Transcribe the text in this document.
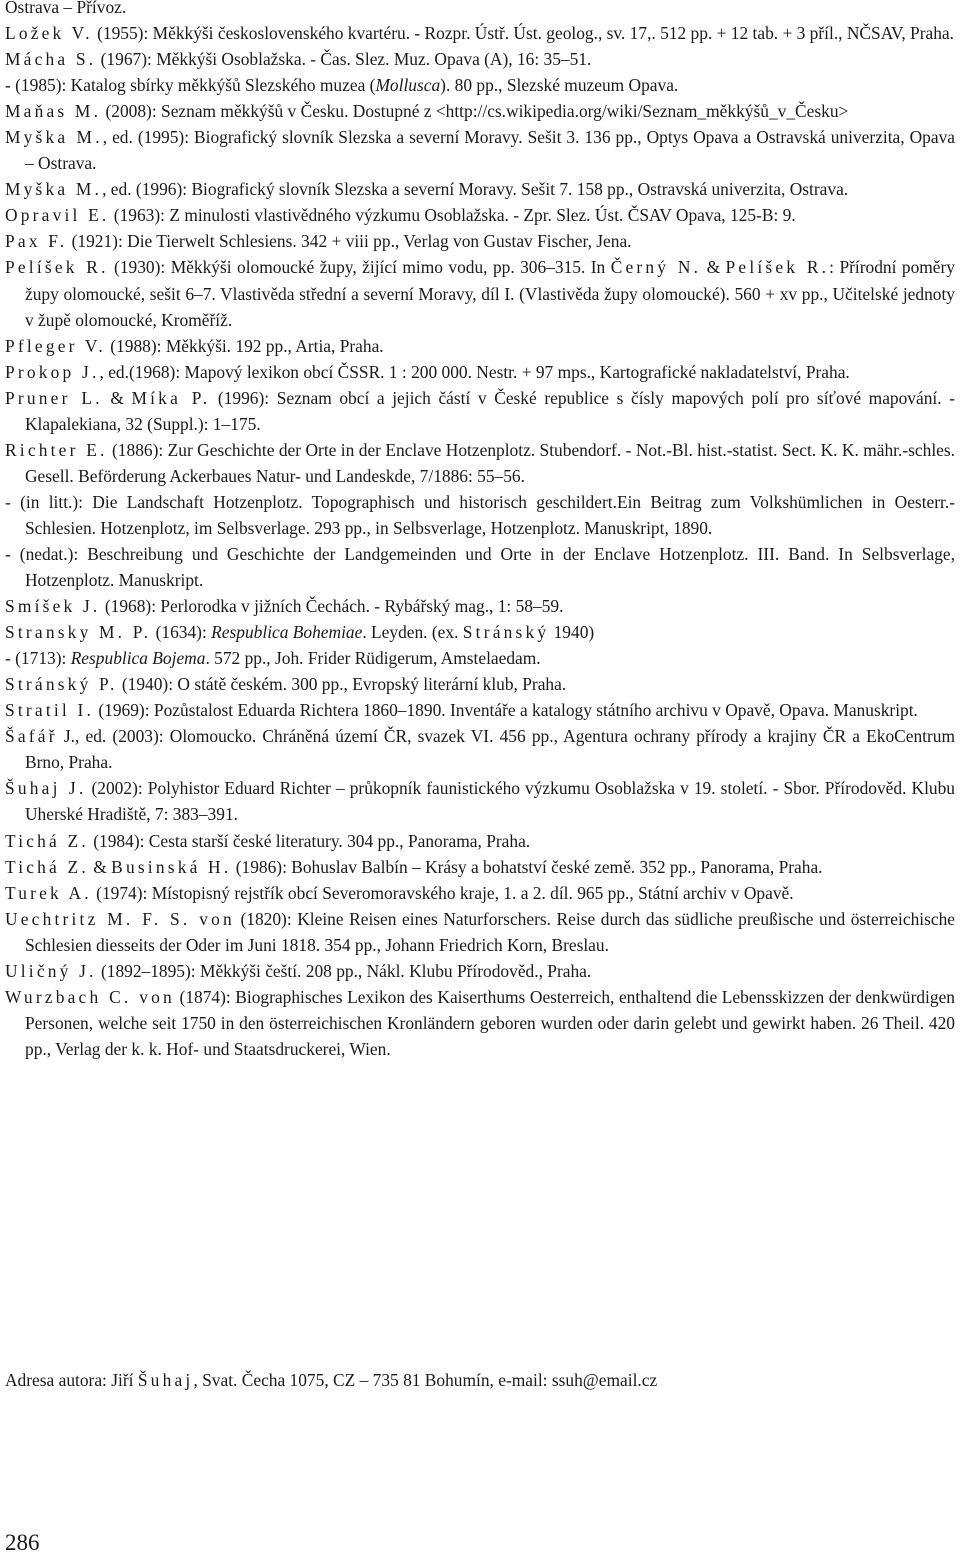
Ostrava – Přívoz.

Ložek V. (1955): Měkkýši československého kvartéru. - Rozpr. Ústř. Úst. geolog., sv. 17,. 512 pp. + 12 tab. + 3 příl., NČSAV, Praha.

Mácha S. (1967): Měkkýši Osoblažska. - Čas. Slez. Muz. Opava (A), 16: 35–51.

- (1985): Katalog sbírky měkkýšů Slezského muzea (Mollusca). 80 pp., Slezské muzeum Opava.

Maňas M. (2008): Seznam měkkýšů v Česku. Dostupné z <http://cs.wikipedia.org/wiki/Seznam_měkkýšů_v_Česku>

Myška M., ed. (1995): Biografický slovník Slezska a severní Moravy. Sešit 3. 136 pp., Optys Opava a Ostravská univerzita, Opava – Ostrava.

Myška M., ed. (1996): Biografický slovník Slezska a severní Moravy. Sešit 7. 158 pp., Ostravská univerzita, Ostrava.

Opravil E. (1963): Z minulosti vlastivědného výzkumu Osoblažska. - Zpr. Slez. Úst. ČSAV Opava, 125-B: 9.

Pax F. (1921): Die Tierwelt Schlesiens. 342 + viii pp., Verlag von Gustav Fischer, Jena.

Pelíšek R. (1930): Měkkýši olomoucké župy, žijící mimo vodu, pp. 306–315. In Černý N. & Pelíšek R.: Přírodní poměry župy olomoucké, sešit 6–7. Vlastivěda střední a severní Moravy, díl I. (Vlastivěda župy olomoucké). 560 + xv pp., Učitelské jednoty v župě olomoucké, Kroměříž.

Pfleger V. (1988): Měkkýši. 192 pp., Artia, Praha.

Prokop J., ed.(1968): Mapový lexikon obcí ČSSR. 1 : 200 000. Nestr. + 97 mps., Kartografické nakladatelství, Praha.

Pruner L. & Míka P. (1996): Seznam obcí a jejich částí v České republice s čísly mapových polí pro síťové mapování. - Klapalekiana, 32 (Suppl.): 1–175.

Richter E. (1886): Zur Geschichte der Orte in der Enclave Hotzenplotz. Stubendorf. - Not.-Bl. hist.-statist. Sect. K. K. mähr.-schles. Gesell. Beförderung Ackerbaues Natur- und Landeskde, 7/1886: 55–56.

- (in litt.): Die Landschaft Hotzenplotz. Topographisch und historisch geschildert.Ein Beitrag zum Volkshümlichen in Oesterr.-Schlesien. Hotzenplotz, im Selbsverlage. 293 pp., in Selbsverlage, Hotzenplotz. Manuskript, 1890.

- (nedat.): Beschreibung und Geschichte der Landgemeinden und Orte in der Enclave Hotzenplotz. III. Band. In Selbsverlage, Hotzenplotz. Manuskript.

Smíšek J. (1968): Perlorodka v jižních Čechách. - Rybářský mag., 1: 58–59.

Stransky M. P. (1634): Respublica Bohemiae. Leyden. (ex. Stránský 1940)

- (1713): Respublica Bojema. 572 pp., Joh. Frider Rüdigerum, Amstelaedam.

Stránský P. (1940): O státě českém. 300 pp., Evropský literární klub, Praha.

Stratil I. (1969): Pozůstalost Eduarda Richtera 1860–1890. Inventáře a katalogy státního archivu v Opavě, Opava. Manuskript.

Šafář J., ed. (2003): Olomoucko. Chráněná území ČR, svazek VI. 456 pp., Agentura ochrany přírody a krajiny ČR a EkoCentrum Brno, Praha.

Šuhaj J. (2002): Polyhistor Eduard Richter – průkopník faunistického výzkumu Osoblažska v 19. století. - Sbor. Přírodověd. Klubu Uherské Hradiště, 7: 383–391.

Tichá Z. (1984): Cesta starší české literatury. 304 pp., Panorama, Praha.

Tichá Z. & Businská H. (1986): Bohuslav Balbín – Krásy a bohatství české země. 352 pp., Panorama, Praha.

Turek A. (1974): Místopisný rejstřík obcí Severomoravského kraje, 1. a 2. díl. 965 pp., Státní archiv v Opavě.

Uechtritz M. F. S. von (1820): Kleine Reisen eines Naturforschers. Reise durch das südliche preußische und österreichische Schlesien diesseits der Oder im Juni 1818. 354 pp., Johann Friedrich Korn, Breslau.

Uličný J. (1892–1895): Měkkýši čeští. 208 pp., Nákl. Klubu Přírodověd., Praha.

Wurzbach C. von (1874): Biographisches Lexikon des Kaiserthums Oesterreich, enthaltend die Lebensskizzen der denkwürdigen Personen, welche seit 1750 in den österreichischen Kronländern geboren wurden oder darin gelebt und gewirkt haben. 26 Theil. 420 pp., Verlag der k. k. Hof- und Staatsdruckerei, Wien.

Adresa autora: Jiří Šuhaj, Svat. Čecha 1075, CZ – 735 81 Bohumín, e-mail: ssuh@email.cz
286
